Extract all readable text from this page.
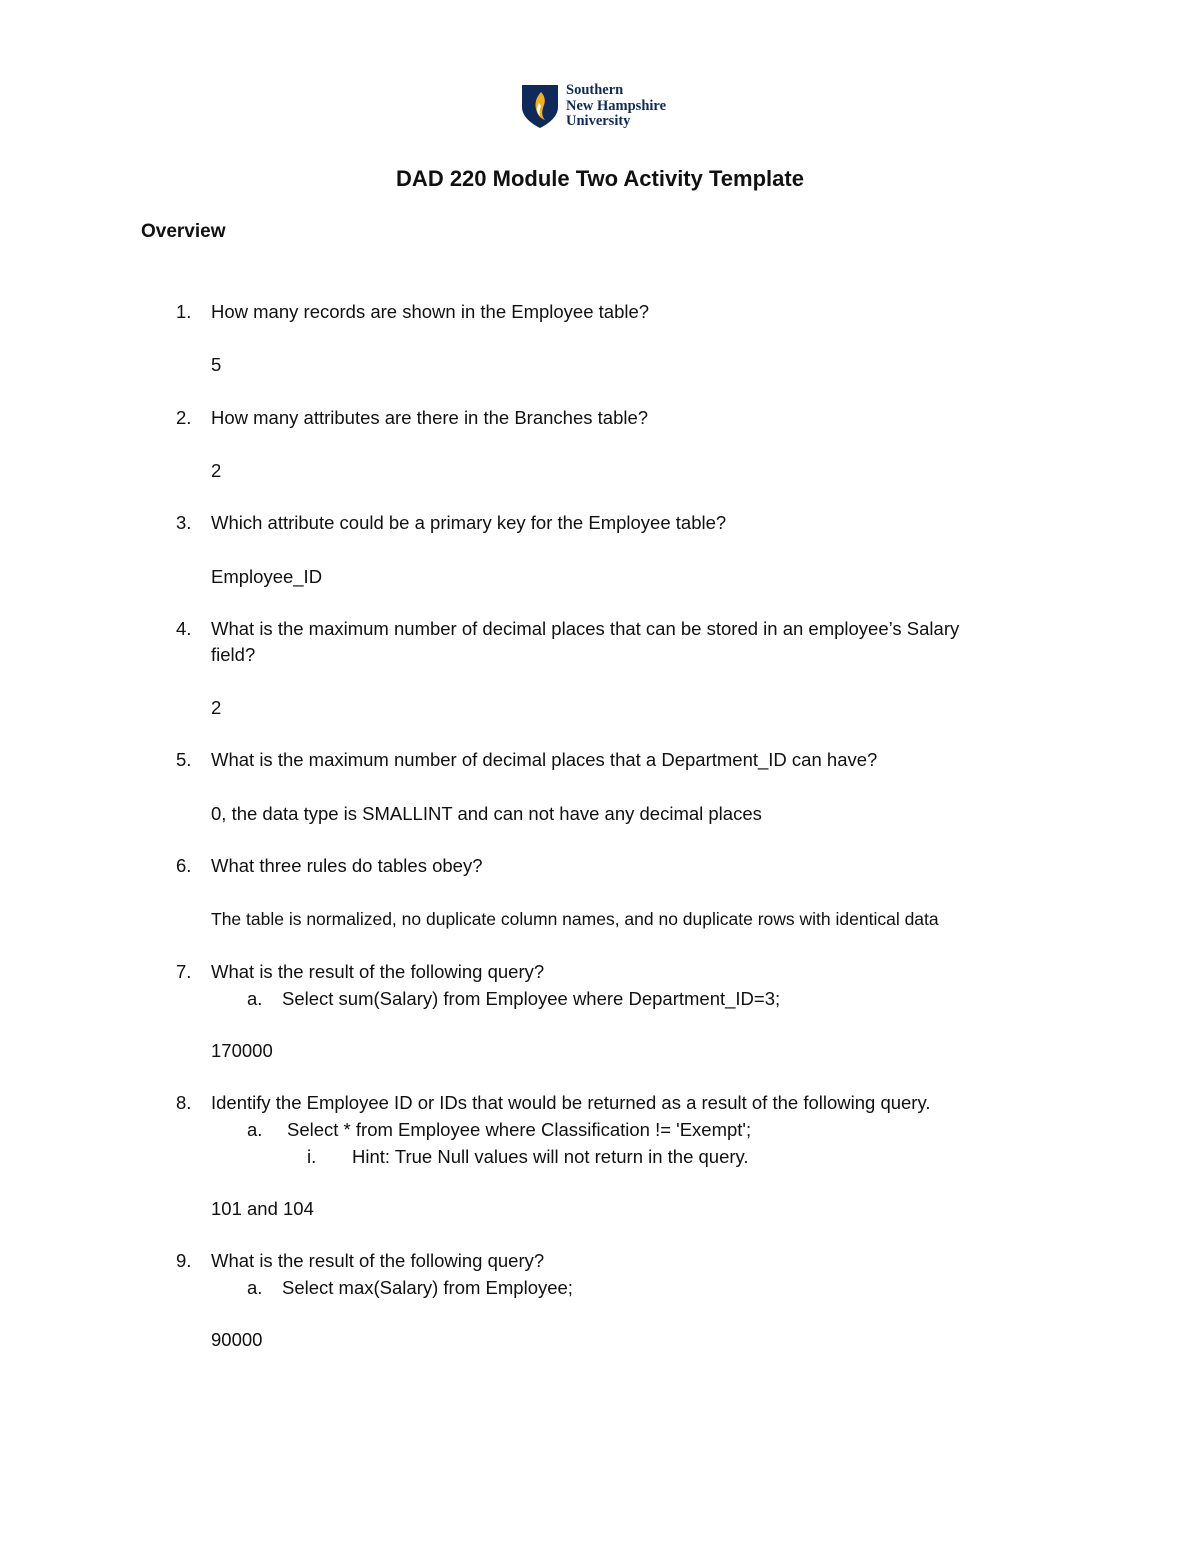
Southern
New Hampshire
University
DAD 220 Module Two Activity Template
Overview
1. How many records are shown in the Employee table?
5
2. How many attributes are there in the Branches table?
2
3. Which attribute could be a primary key for the Employee table?
Employee_ID
4. What is the maximum number of decimal places that can be stored in an employee’s Salary
field?
2
5. What is the maximum number of decimal places that a Department_ID can have?
0, the data type is SMALLINT and can not have any decimal places
6. What three rules do tables obey?
The table is normalized, no duplicate column names, and no duplicate rows with identical data
7. What is the result of the following query?
a. Select sum(Salary) from Employee where Department_ID=3;
170000
8. Identify the Employee ID or IDs that would be returned as a result of the following query.
a. Select * from Employee where Classification != 'Exempt';
i. Hint: True Null values will not return in the query.
101 and 104
9. What is the result of the following query?
a. Select max(Salary) from Employee;
90000
